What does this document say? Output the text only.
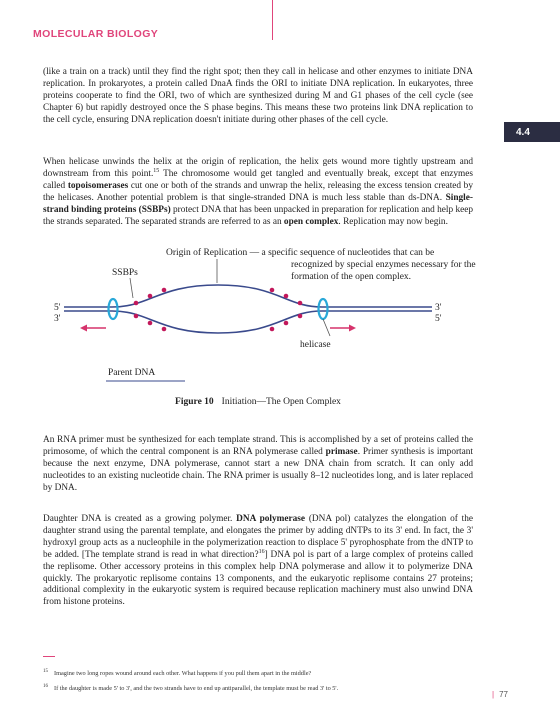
MOLECULAR BIOLOGY
4.4

(like a train on a track) until they find the right spot; then they call in helicase and other enzymes to initiate DNA replication. In prokaryotes, a protein called DnaA finds the ORI to initiate DNA replication. In eukaryotes, three proteins cooperate to find the ORI, two of which are synthesized during M and G1 phases of the cell cycle (see Chapter 6) but rapidly destroyed once the S phase begins. This means these two proteins link DNA replication to the cell cycle, ensuring DNA replication doesn't initiate during other phases of the cell cycle.

When helicase unwinds the helix at the origin of replication, the helix gets wound more tightly upstream and downstream from this point.$^{15}$ The chromosome would get tangled and eventually break, except that enzymes called topoisomerases cut one or both of the strands and unwrap the helix, releasing the excess tension created by the helicases. Another potential problem is that single-stranded DNA is much less stable than ds-DNA. Single-strand binding proteins (SSBPs) protect DNA that has been unpacked in preparation for replication and help keep the strands separated. The separated strands are referred to as an open complex. Replication may now begin.

Origin of Replication — a specific sequence of nucleotides that can be
recognized by special enzymes necessary for the
formation of the open complex.
SSBPs
5'
3'
3'
5'
helicase
Parent DNA
Figure 10 Initiation—The Open Complex

An RNA primer must be synthesized for each template strand. This is accomplished by a set of proteins called the primosome, of which the central component is an RNA polymerase called primase. Primer synthesis is important because the next enzyme, DNA polymerase, cannot start a new DNA chain from scratch. It can only add nucleotides to an existing nucleotide chain. The RNA primer is usually 8–12 nucleotides long, and is later replaced by DNA.

Daughter DNA is created as a growing polymer. DNA polymerase (DNA pol) catalyzes the elongation of the daughter strand using the parental template, and elongates the primer by adding dNTPs to its 3' end. In fact, the 3' hydroxyl group acts as a nucleophile in the polymerization reaction to displace 5' pyrophosphate from the dNTP to be added. [The template strand is read in what direction?$^{16}$] DNA pol is part of a large complex of proteins called the replisome. Other accessory proteins in this complex help DNA polymerase and allow it to polymerize DNA quickly. The prokaryotic replisome contains 13 components, and the eukaryotic replisome contains 27 proteins; additional complexity in the eukaryotic system is required because replication machinery must also unwind DNA from histone proteins.

$^{15}$ Imagine two long ropes wound around each other. What happens if you pull them apart in the middle?

$^{16}$ If the daughter is made 5' to 3', and the two strands have to end up antiparallel, the template must be read 3' to 5'.

| 77
